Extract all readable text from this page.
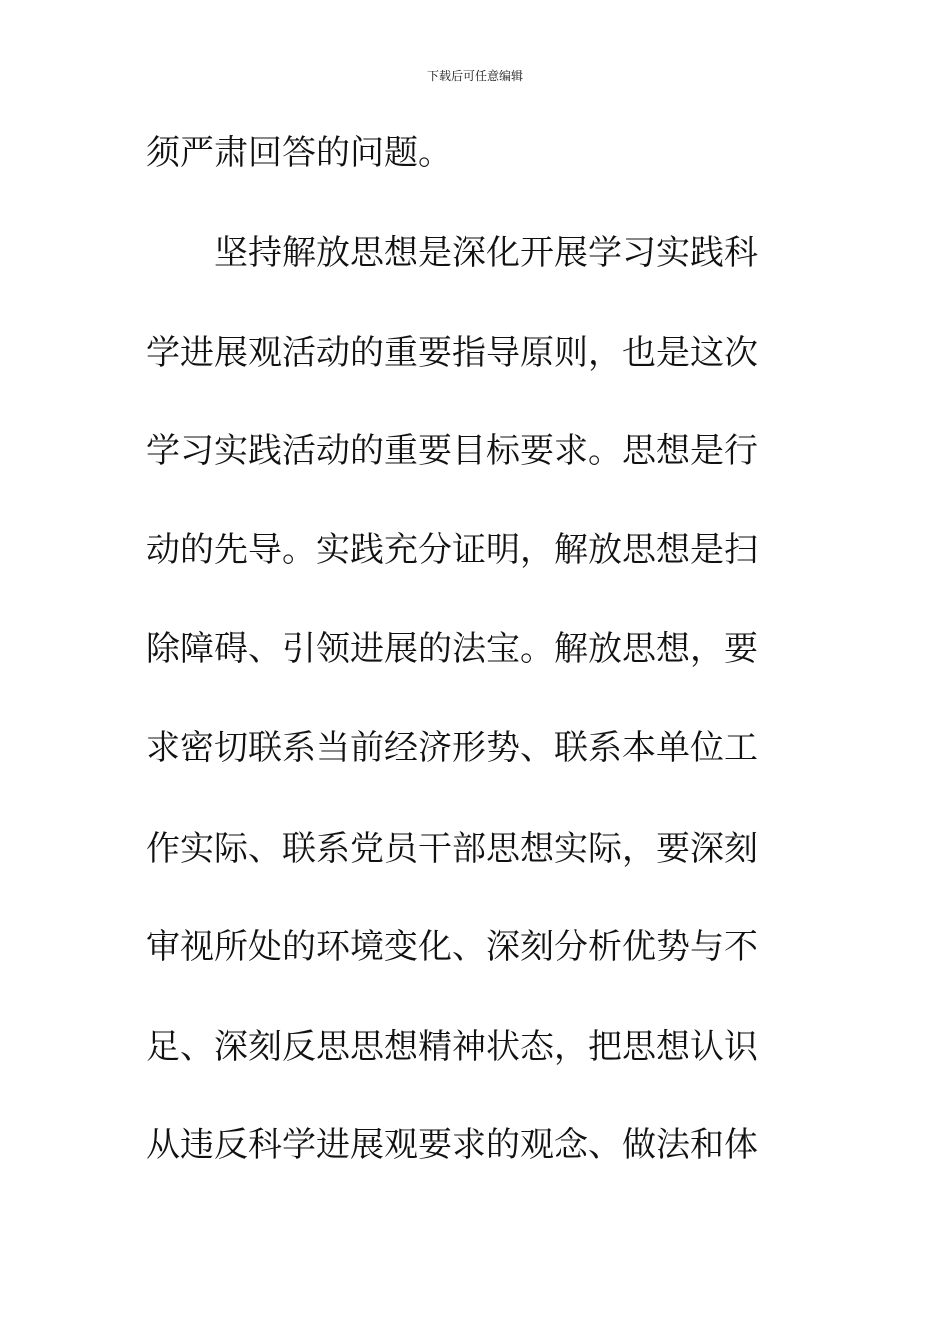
下载后可任意编辑
须严肃回答的问题。
坚持解放思想是深化开展学习实践科
学进展观活动的重要指导原则，也是这次
学习实践活动的重要目标要求。思想是行
动的先导。实践充分证明，解放思想是扫
除障碍、引领进展的法宝。解放思想，要
求密切联系当前经济形势、联系本单位工
作实际、联系党员干部思想实际，要深刻
审视所处的环境变化、深刻分析优势与不
足、深刻反思思想精神状态，把思想认识
从违反科学进展观要求的观念、做法和体
